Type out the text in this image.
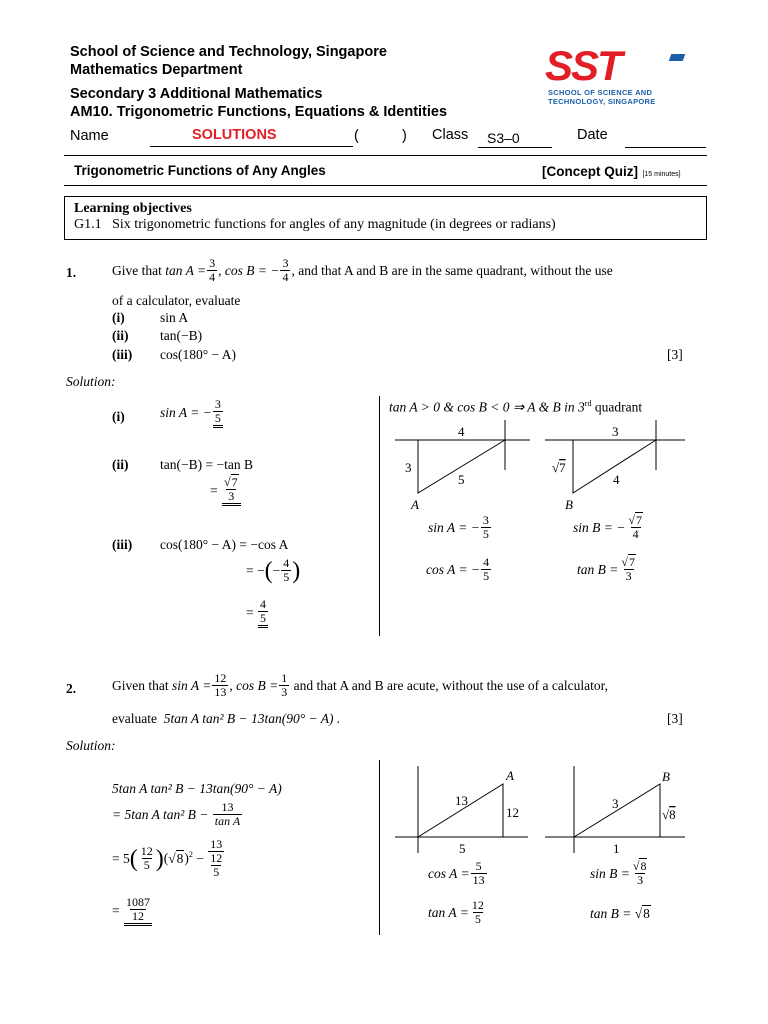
School of Science and Technology, Singapore
Mathematics Department
Secondary 3 Additional Mathematics
AM10. Trigonometric Functions, Equations & Identities
SST
SCHOOL OF SCIENCE AND
TECHNOLOGY, SINGAPORE
Name	SOLUTIONS	(	) Class S3–0	Date
Trigonometric Functions of Any Angles	[Concept Quiz] [15 minutes]
Learning objectives
G1.1 Six trigonometric functions for angles of any magnitude (in degrees or radians)
1.	Give that
$\tan A = \frac{3}{4}$ , cos B = − $\frac{3}{4}$ , and that A and B are in the same quadrant, without the use
of a calculator, evaluate
(i)	sin A
(ii) tan(−B)
(iii) cos(180° − A)	[3]
Solution:
(i)	sin A = − $\frac{3}{5}$
(ii) tan(−B) = −tan B
=
$\frac{√7}{3}$
(iii) cos(180° − A) = −cos A
= − ( − $\frac{4}{5}$ )
=
$\frac{4}{5}$
tan A > 0 & cos B < 0 ⇒ A & B in 3rd quadrant
4
3
5
A
3
√7
4
B
sin A = − $\frac{3}{5}$
cos A = − $\frac{4}{5}$
sin B = − $\frac{√7}{4}$
$\tan B = \frac{√7}{3}$
2.	Given that
$\sin A = \frac{12}{13}$ , $\cos B = \frac{1}{3}$
and that A and B are acute, without the use of a calculator,
evaluate 5tan A tan² B − 13tan(90° − A) .	[3]
Solution:
5tan A tan² B − 13tan(90° − A)
= 5tan A tan² B −
$\frac{13}{\text{tan A}}$
= 5 ( $\frac{12}{5}$ ) $(√8)^2$
−
$\frac{13}{\frac{12}{5}}$
=
$\frac{1087}{12}$
13
12
5
A
3
√8
1
B
$\cos A = \frac{5}{13}$
$\tan A = \frac{12}{5}$
$\sin B = \frac{√8}{3}$
tan B = √8
